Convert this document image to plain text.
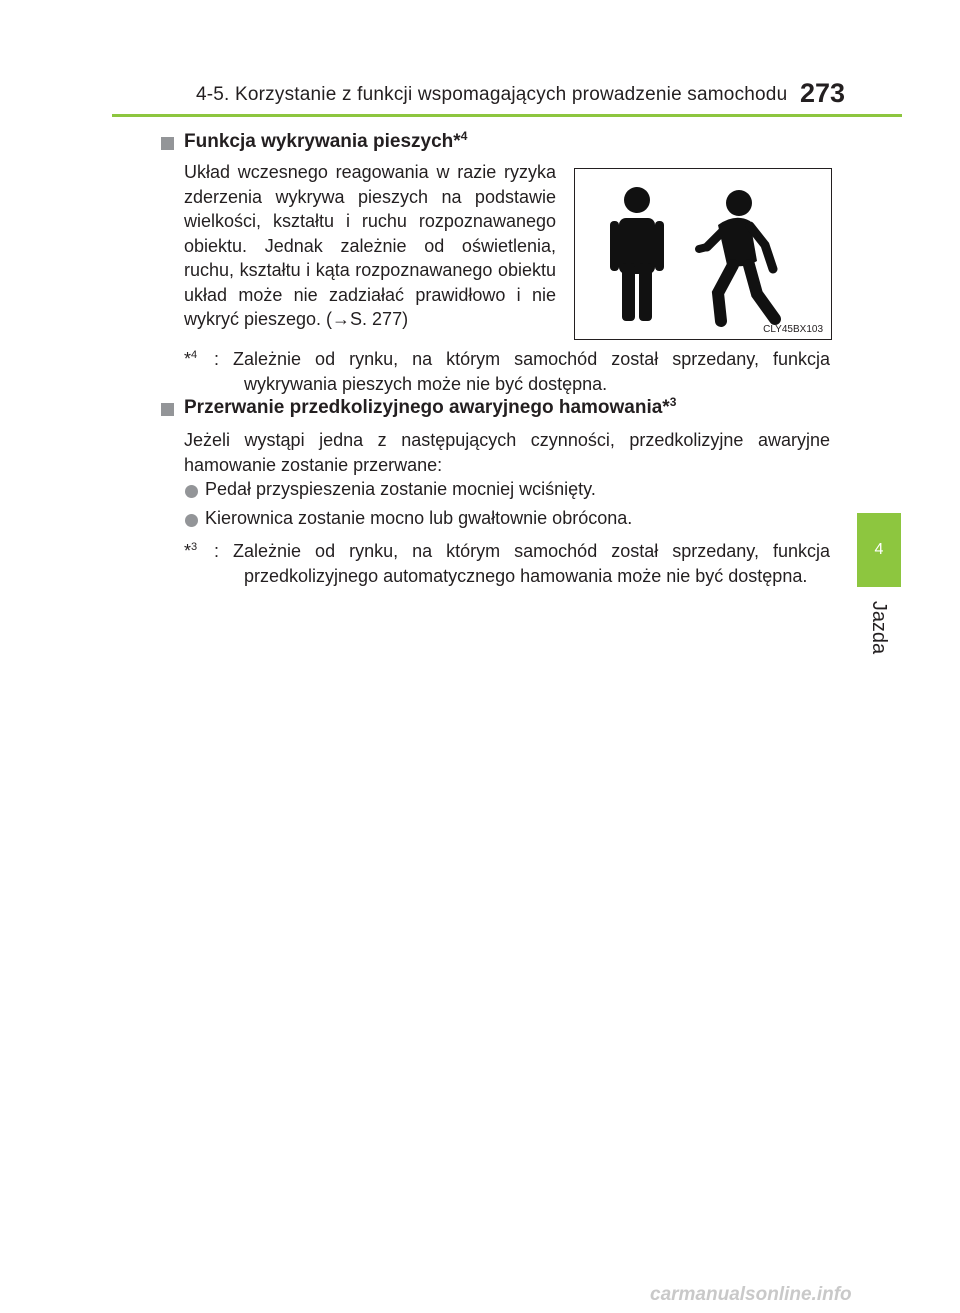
4-5. Korzystanie z funkcji wspomagających prowadzenie samochodu 273
4
Jazda
Funkcja wykrywania pieszych*$^4$
Układ wczesnego reagowania w razie ryzyka zderzenia wykrywa pieszych na podstawie wielkości, kształtu i ruchu rozpoznawanego obiektu. Jednak zależnie od oświetlenia, ruchu, kształtu i kąta rozpoznawanego obiektu układ może nie zadziałać prawidłowo i nie wykryć pieszego. (→S. 277)
CLY45BX103
*$^4$ : Zależnie od rynku, na którym samochód został sprzedany, funkcja wykrywania pieszych może nie być dostępna.
Przerwanie przedkolizyjnego awaryjnego hamowania*$^3$
Jeżeli wystąpi jedna z następujących czynności, przedkolizyjne awaryjne hamowanie zostanie przerwane:
Pedał przyspieszenia zostanie mocniej wciśnięty.
Kierownica zostanie mocno lub gwałtownie obrócona.
*$^3$ : Zależnie od rynku, na którym samochód został sprzedany, funkcja przedkolizyjnego automatycznego hamowania może nie być dostępna.
carmanualsonline.info
